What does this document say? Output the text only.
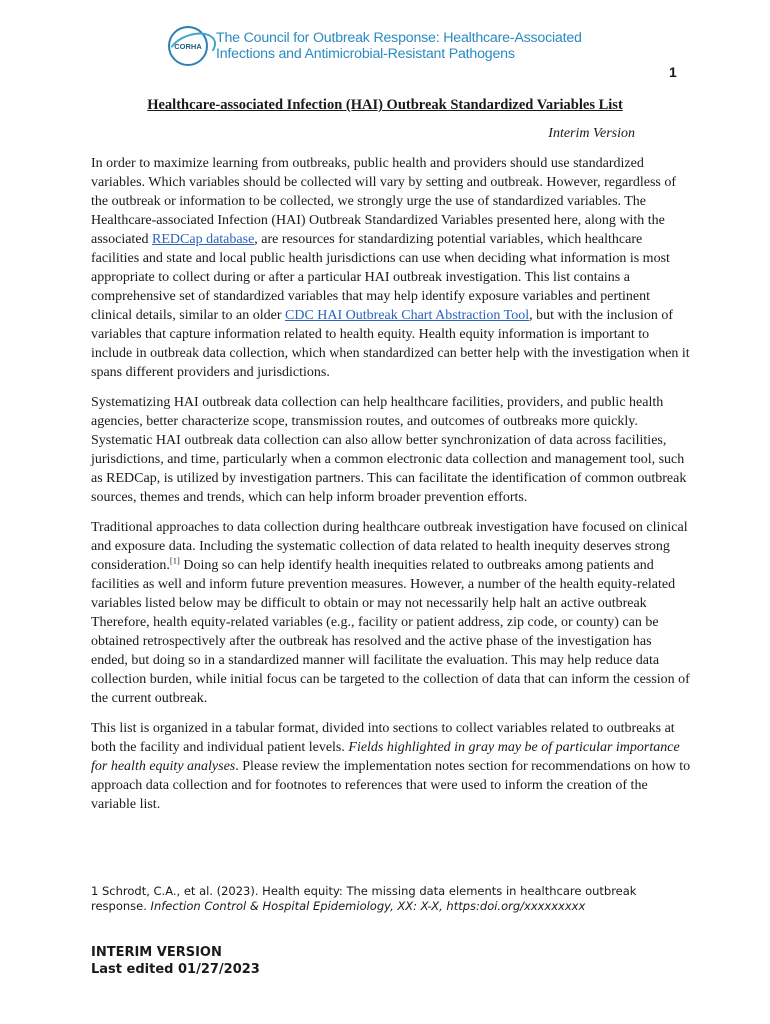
CORHA The Council for Outbreak Response: Healthcare-Associated
Infections and Antimicrobial-Resistant Pathogens
1
Healthcare-associated Infection (HAI) Outbreak Standardized Variables List
Interim Version

In order to maximize learning from outbreaks, public health and providers should use standardized variables. Which variables should be collected will vary by setting and outbreak. However, regardless of the outbreak or information to be collected, we strongly urge the use of standardized variables. The Healthcare-associated Infection (HAI) Outbreak Standardized Variables presented here, along with the associated REDCap database, are resources for standardizing potential variables, which healthcare facilities and state and local public health jurisdictions can use when deciding what information is most appropriate to collect during or after a particular HAI outbreak investigation. This list contains a comprehensive set of standardized variables that may help identify exposure variables and pertinent clinical details, similar to an older CDC HAI Outbreak Chart Abstraction Tool, but with the inclusion of variables that capture information related to health equity. Health equity information is important to include in outbreak data collection, which when standardized can better help with the investigation when it spans different providers and jurisdictions.

Systematizing HAI outbreak data collection can help healthcare facilities, providers, and public health agencies, better characterize scope, transmission routes, and outcomes of outbreaks more quickly. Systematic HAI outbreak data collection can also allow better synchronization of data across facilities, jurisdictions, and time, particularly when a common electronic data collection and management tool, such as REDCap, is utilized by investigation partners. This can facilitate the identification of common outbreak sources, themes and trends, which can help inform broader prevention efforts.

Traditional approaches to data collection during healthcare outbreak investigation have focused on clinical and exposure data. Including the systematic collection of data related to health inequity deserves strong consideration.[1] Doing so can help identify health inequities related to outbreaks among patients and facilities as well and inform future prevention measures. However, a number of the health equity-related variables listed below may be difficult to obtain or may not necessarily help halt an active outbreak Therefore, health equity-related variables (e.g., facility or patient address, zip code, or county) can be obtained retrospectively after the outbreak has resolved and the active phase of the investigation has ended, but doing so in a standardized manner will facilitate the evaluation. This may help reduce data collection burden, while initial focus can be targeted to the collection of data that can inform the cession of the current outbreak.

This list is organized in a tabular format, divided into sections to collect variables related to outbreaks at both the facility and individual patient levels. Fields highlighted in gray may be of particular importance for health equity analyses. Please review the implementation notes section for recommendations on how to approach data collection and for footnotes to references that were used to inform the creation of the variable list.

1 Schrodt, C.A., et al. (2023). Health equity: The missing data elements in healthcare outbreak response. Infection Control & Hospital Epidemiology, XX: X-X, https:doi.org/xxxxxxxxx
INTERIM VERSION
Last edited 01/27/2023
